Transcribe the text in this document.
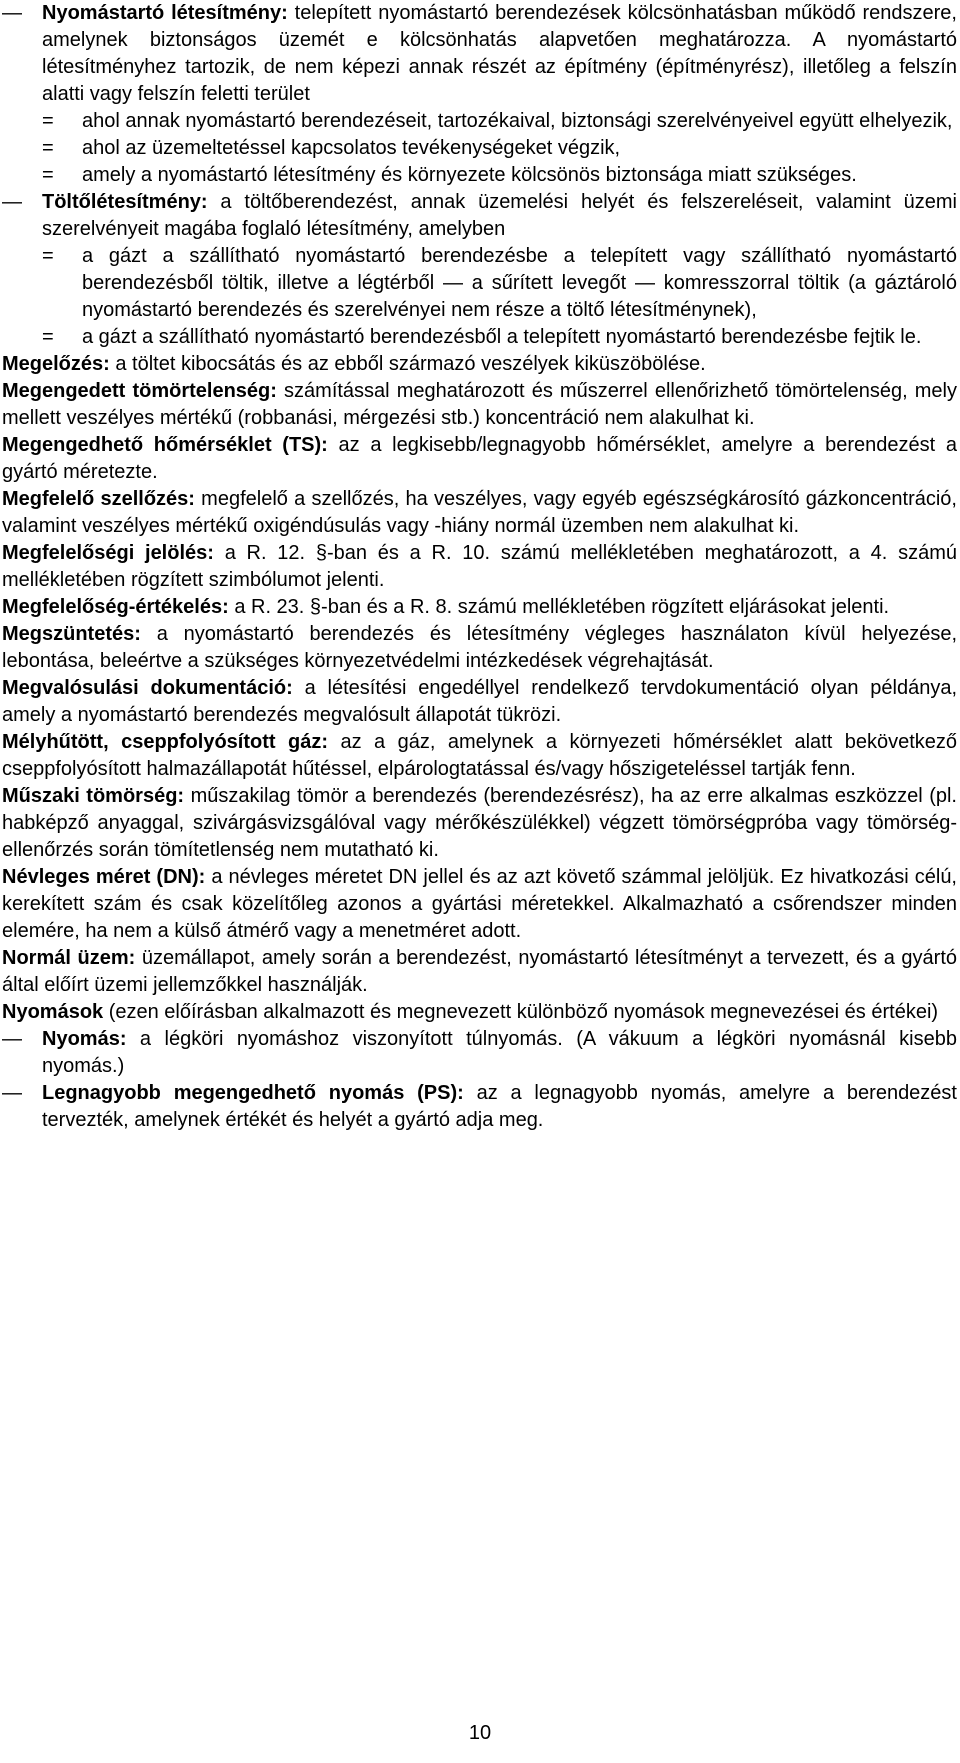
—	Nyomástartó létesítmény: telepített nyomástartó berendezések kölcsönhatásban működő rendszere, amelynek biztonságos üzemét e kölcsönhatás alapvetően meghatározza. A nyomástartó létesítményhez tartozik, de nem képezi annak részét az építmény (építményrész), illetőleg a felszín alatti vagy felszín feletti terület

=	ahol annak nyomástartó berendezéseit, tartozékaival, biztonsági szerelvényeivel együtt elhelyezik,

=	ahol az üzemeltetéssel kapcsolatos tevékenységeket végzik,

=	amely a nyomástartó létesítmény és környezete kölcsönös biztonsága miatt szükséges.

—	Töltőlétesítmény: a töltőberendezést, annak üzemelési helyét és felszereléseit, valamint üzemi szerelvényeit magába foglaló létesítmény, amelyben

=	a gázt a szállítható nyomástartó berendezésbe a telepített vagy szállítható nyomástartó berendezésből töltik, illetve a légtérből — a sűrített levegőt — komresszorral töltik (a gáztároló nyomástartó berendezés és szerelvényei nem része a töltő létesítménynek),

=	a gázt a szállítható nyomástartó berendezésből a telepített nyomástartó berendezésbe fejtik le.

Megelőzés: a töltet kibocsátás és az ebből származó veszélyek kiküszöbölése.

Megengedett tömörtelenség: számítással meghatározott és műszerrel ellenőrizhető tömörtelenség, mely mellett veszélyes mértékű (robbanási, mérgezési stb.) koncentráció nem alakulhat ki.

Megengedhető hőmérséklet (TS): az a legkisebb/legnagyobb hőmérséklet, amelyre a berendezést a gyártó méretezte.

Megfelelő szellőzés: megfelelő a szellőzés, ha veszélyes, vagy egyéb egészségkárosító gázkoncentráció, valamint veszélyes mértékű oxigéndúsulás vagy -hiány normál üzemben nem alakulhat ki.

Megfelelőségi jelölés: a R. 12. §-ban és a R. 10. számú mellékletében meghatározott, a 4. számú mellékletében rögzített szimbólumot jelenti.

Megfelelőség-értékelés: a R. 23. §-ban és a R. 8. számú mellékletében rögzített eljárásokat jelenti.

Megszüntetés: a nyomástartó berendezés és létesítmény végleges használaton kívül helyezése, lebontása, beleértve a szükséges környezetvédelmi intézkedések végrehajtását.

Megvalósulási dokumentáció: a létesítési engedéllyel rendelkező tervdokumentáció olyan példánya, amely a nyomástartó berendezés megvalósult állapotát tükrözi.

Mélyhűtött, cseppfolyósított gáz: az a gáz, amelynek a környezeti hőmérséklet alatt bekövetkező cseppfolyósított halmazállapotát hűtéssel, elpárologtatással és/vagy hőszigeteléssel tartják fenn.

Műszaki tömörség: műszakilag tömör a berendezés (berendezésrész), ha az erre alkalmas eszközzel (pl. habképző anyaggal, szivárgásvizsgálóval vagy mérőkészülékkel) végzett tömörségpróba vagy tömörség-ellenőrzés során tömítetlenség nem mutatható ki.

Névleges méret (DN): a névleges méretet DN jellel és az azt követő számmal jelöljük. Ez hivatkozási célú, kerekített szám és csak közelítőleg azonos a gyártási méretekkel. Alkalmazható a csőrendszer minden elemére, ha nem a külső átmérő vagy a menetméret adott.

Normál üzem: üzemállapot, amely során a berendezést, nyomástartó létesítményt a tervezett, és a gyártó által előírt üzemi jellemzőkkel használják.

Nyomások (ezen előírásban alkalmazott és megnevezett különböző nyomások megnevezései és értékei)

—	Nyomás: a légköri nyomáshoz viszonyított túlnyomás. (A vákuum a légköri nyomásnál kisebb nyomás.)

—	Legnagyobb megengedhető nyomás (PS): az a legnagyobb nyomás, amelyre a berendezést tervezték, amelynek értékét és helyét a gyártó adja meg.

10
